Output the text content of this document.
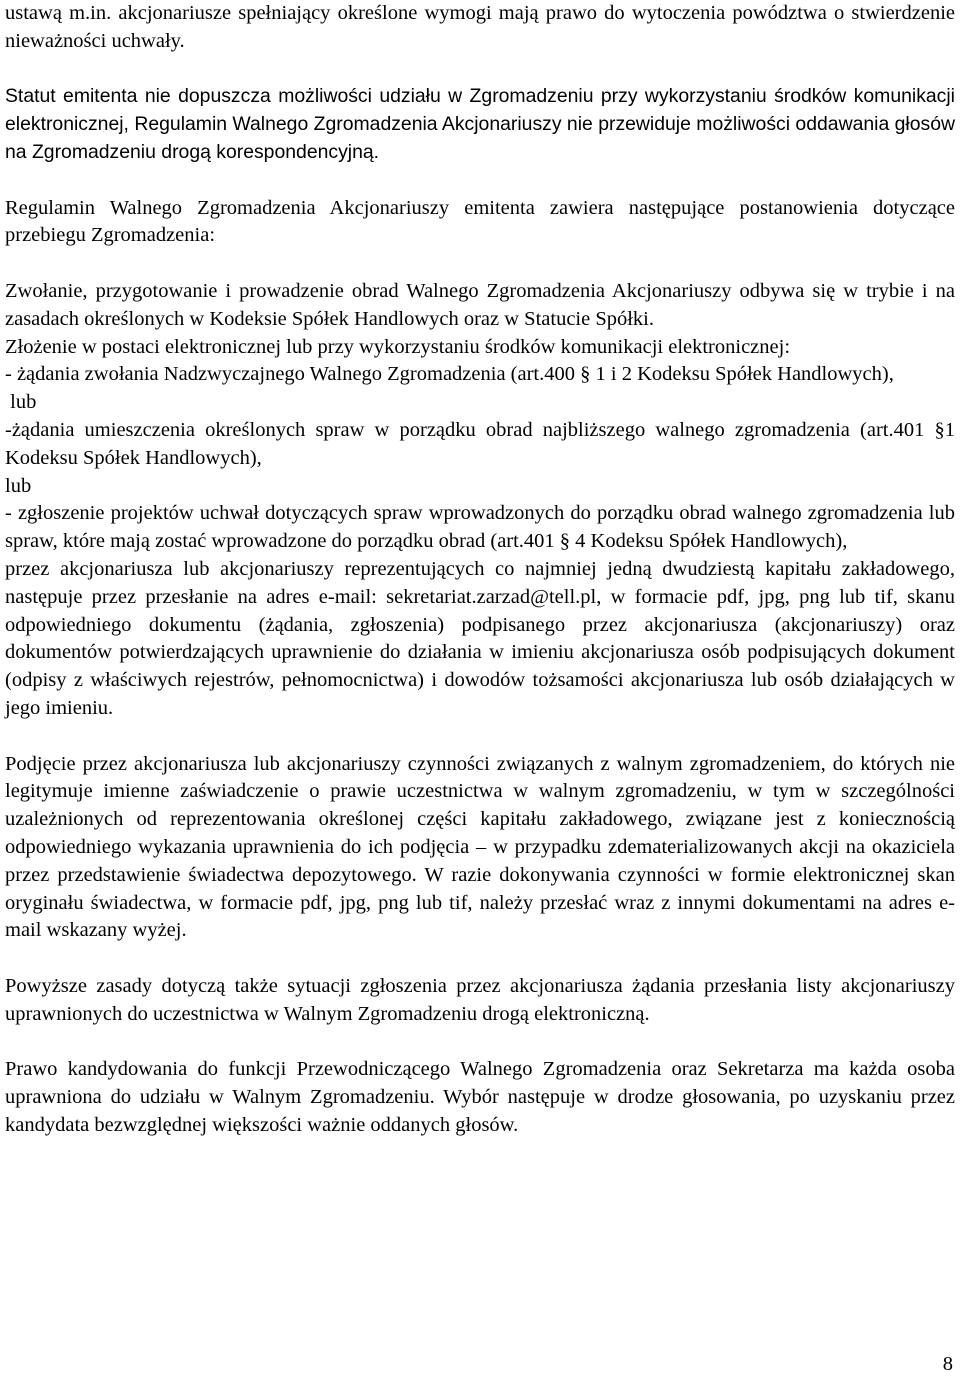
ustawą m.in. akcjonariusze spełniający określone wymogi mają prawo do wytoczenia powództwa o stwierdzenie nieważności uchwały.

Statut emitenta nie dopuszcza możliwości udziału w Zgromadzeniu przy wykorzystaniu środków komunikacji elektronicznej, Regulamin Walnego Zgromadzenia Akcjonariuszy nie przewiduje możliwości oddawania głosów na Zgromadzeniu drogą korespondencyjną.

Regulamin Walnego Zgromadzenia Akcjonariuszy emitenta zawiera następujące postanowienia dotyczące przebiegu Zgromadzenia:

Zwołanie, przygotowanie i prowadzenie obrad Walnego Zgromadzenia Akcjonariuszy odbywa się w trybie i na zasadach określonych w Kodeksie Spółek Handlowych oraz w Statucie Spółki.

Złożenie w postaci elektronicznej lub przy wykorzystaniu środków komunikacji elektronicznej:

- żądania zwołania Nadzwyczajnego Walnego Zgromadzenia (art.400 § 1 i 2 Kodeksu Spółek Handlowych),

lub

-żądania umieszczenia określonych spraw w porządku obrad najbliższego walnego zgromadzenia (art.401 §1 Kodeksu Spółek Handlowych),

lub

- zgłoszenie projektów uchwał dotyczących spraw wprowadzonych do porządku obrad walnego zgromadzenia lub spraw, które mają zostać wprowadzone do porządku obrad (art.401 § 4 Kodeksu Spółek Handlowych),

przez akcjonariusza lub akcjonariuszy reprezentujących co najmniej jedną dwudziestą kapitału zakładowego, następuje przez przesłanie na adres e-mail: sekretariat.zarzad@tell.pl, w formacie pdf, jpg, png lub tif, skanu odpowiedniego dokumentu (żądania, zgłoszenia) podpisanego przez akcjonariusza (akcjonariuszy) oraz dokumentów potwierdzających uprawnienie do działania w imieniu akcjonariusza osób podpisujących dokument (odpisy z właściwych rejestrów, pełnomocnictwa) i dowodów tożsamości akcjonariusza lub osób działających w jego imieniu.

Podjęcie przez akcjonariusza lub akcjonariuszy czynności związanych z walnym zgromadzeniem, do których nie legitymuje imienne zaświadczenie o prawie uczestnictwa w walnym zgromadzeniu, w tym w szczególności uzależnionych od reprezentowania określonej części kapitału zakładowego, związane jest z koniecznością odpowiedniego wykazania uprawnienia do ich podjęcia – w przypadku zdematerializowanych akcji na okaziciela przez przedstawienie świadectwa depozytowego. W razie dokonywania czynności w formie elektronicznej skan oryginału świadectwa, w formacie pdf, jpg, png lub tif, należy przesłać wraz z innymi dokumentami na adres e-mail wskazany wyżej.

Powyższe zasady dotyczą także sytuacji zgłoszenia przez akcjonariusza żądania przesłania listy akcjonariuszy uprawnionych do uczestnictwa w Walnym Zgromadzeniu drogą elektroniczną.

Prawo kandydowania do funkcji Przewodniczącego Walnego Zgromadzenia oraz Sekretarza ma każda osoba uprawniona do udziału w Walnym Zgromadzeniu. Wybór następuje w drodze głosowania, po uzyskaniu przez kandydata bezwzględnej większości ważnie oddanych głosów.

8
